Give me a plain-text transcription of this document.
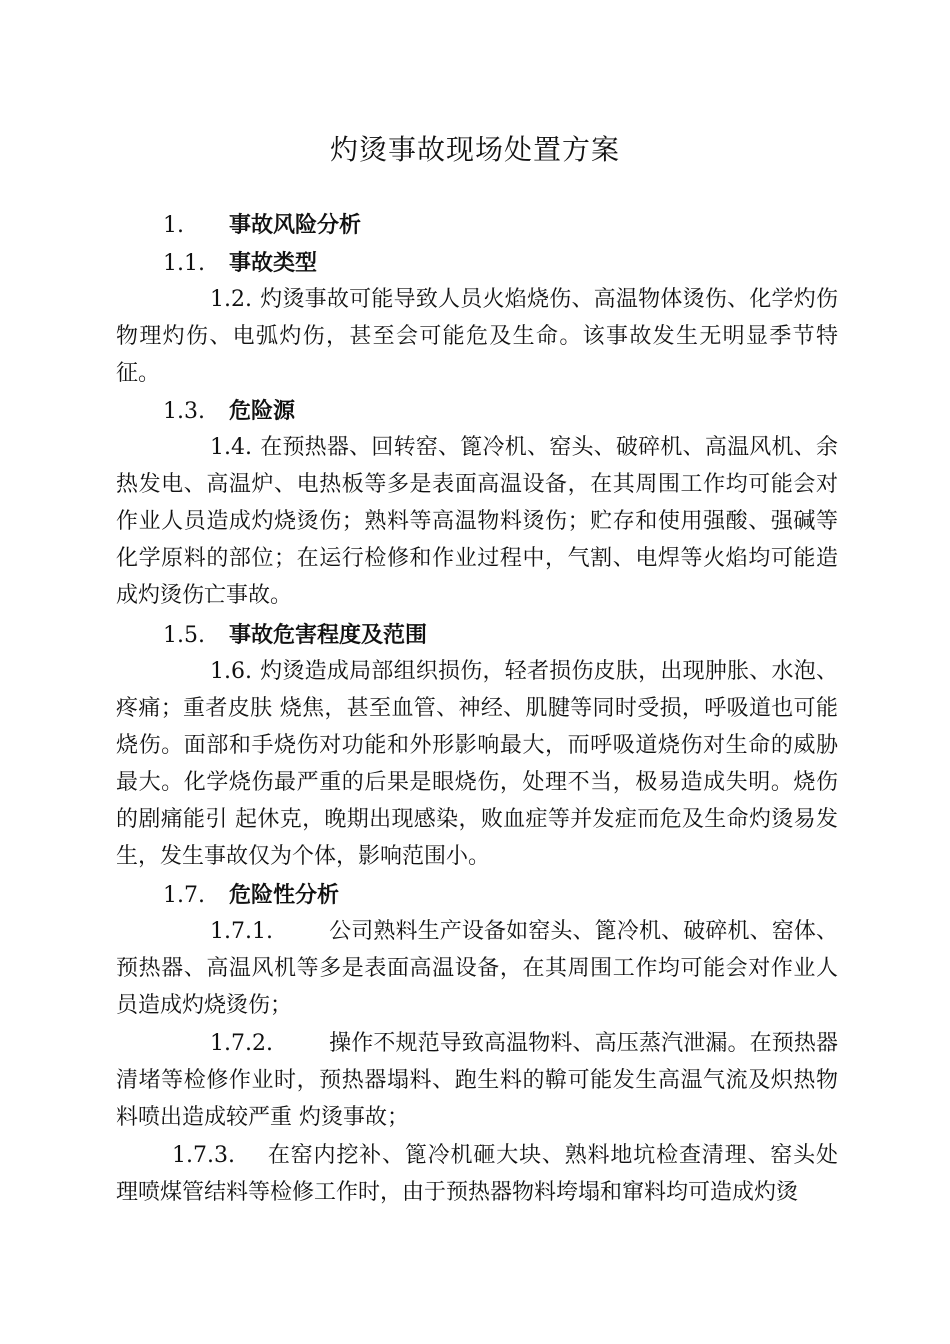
灼烫事故现场处置方案
1. 事故风险分析
1.1. 事故类型
1.2. 灼烫事故可能导致人员火焰烧伤、高温物体烫伤、化学灼伤物理灼伤、电弧灼伤，甚至会可能危及生命。该事故发生无明显季节特征。
1.3. 危险源
1.4. 在预热器、回转窑、篦冷机、窑头、破碎机、高温风机、余热发电、高温炉、电热板等多是表面高温设备，在其周围工作均可能会对作业人员造成灼烧烫伤；熟料等高温物料烫伤；贮存和使用强酸、强碱等化学原料的部位；在运行检修和作业过程中，气割、电焊等火焰均可能造成灼烫伤亡事故。
1.5. 事故危害程度及范围
1.6. 灼烫造成局部组织损伤，轻者损伤皮肤，出现肿胀、水泡、疼痛；重者皮肤 烧焦，甚至血管、神经、肌腱等同时受损，呼吸道也可能烧伤。面部和手烧伤对功能和外形影响最大，而呼吸道烧伤对生命的威胁最大。化学烧伤最严重的后果是眼烧伤，处理不当，极易造成失明。烧伤的剧痛能引 起休克，晚期出现感染，败血症等并发症而危及生命灼烫易发生，发生事故仅为个体，影响范围小。
1.7. 危险性分析
1.7.1.	公司熟料生产设备如窑头、篦冷机、破碎机、窑体、预热器、高温风机等多是表面高温设备，在其周围工作均可能会对作业人员造成灼烧烫伤；
1.7.2.	操作不规范导致高温物料、高压蒸汽泄漏。在预热器清堵等检修作业时，预热器塌料、跑生料的鞥可能发生高温气流及炽热物料喷出造成较严重 灼烫事故；
1.7.3. 在窑内挖补、篦冷机砸大块、熟料地坑检查清理、窑头处理喷煤管结料等检修工作时，由于预热器物料垮塌和窜料均可造成灼烫
